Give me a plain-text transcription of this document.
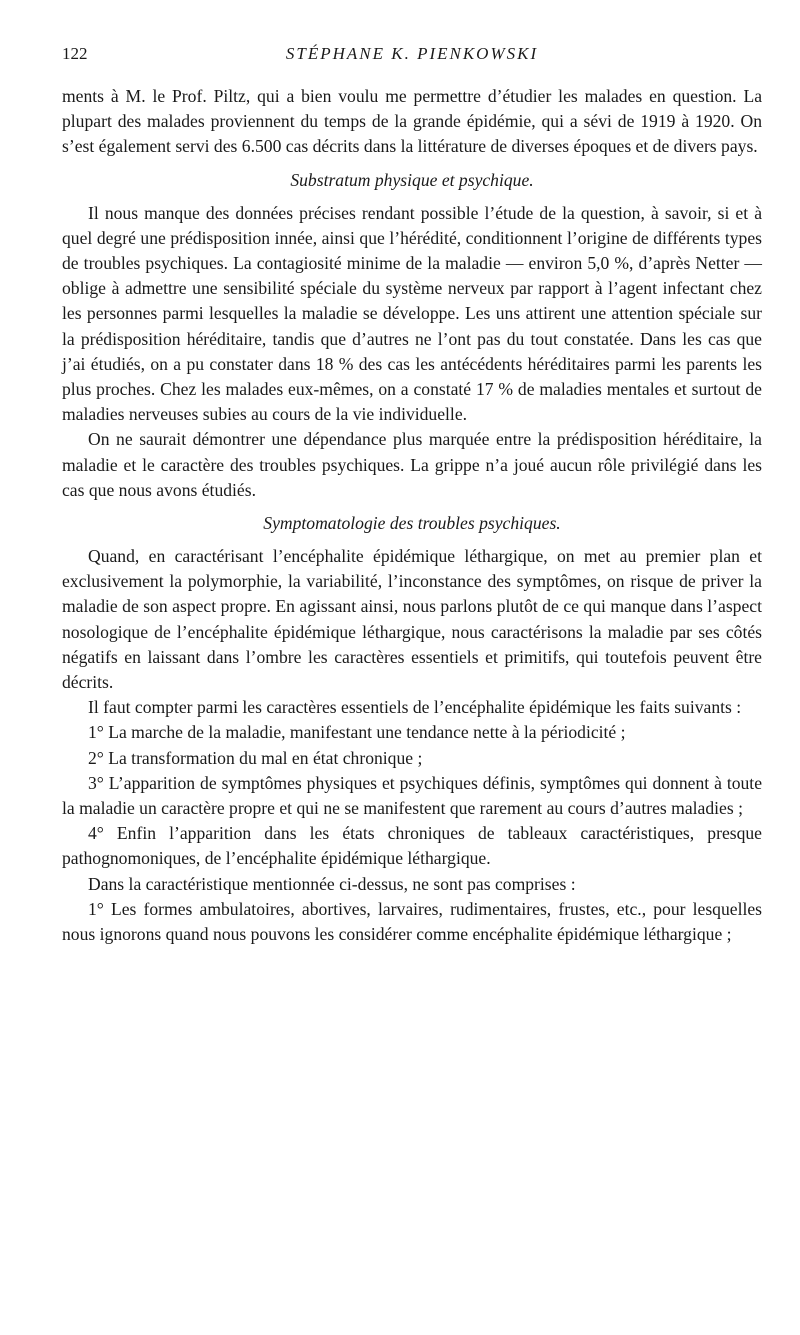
122	STÉPHANE K. PIENKOWSKI

ments à M. le Prof. Piltz, qui a bien voulu me permettre d’étudier les malades en question. La plupart des malades proviennent du temps de la grande épidémie, qui a sévi de 1919 à 1920. On s’est également servi des 6.500 cas décrits dans la littérature de diverses époques et de divers pays.

Substratum physique et psychique.

Il nous manque des données précises rendant possible l’étude de la question, à savoir, si et à quel degré une prédisposition innée, ainsi que l’hérédité, conditionnent l’origine de différents types de troubles psychiques. La contagiosité minime de la maladie — environ 5,0 %, d’après Netter — oblige à admettre une sensibilité spéciale du système nerveux par rapport à l’agent infectant chez les personnes parmi lesquelles la maladie se développe. Les uns attirent une attention spéciale sur la prédisposition héréditaire, tandis que d’autres ne l’ont pas du tout constatée. Dans les cas que j’ai étudiés, on a pu constater dans 18 % des cas les antécédents héréditaires parmi les parents les plus proches. Chez les malades eux-mêmes, on a constaté 17 % de maladies mentales et surtout de maladies nerveuses subies au cours de la vie individuelle.

On ne saurait démontrer une dépendance plus marquée entre la prédisposition héréditaire, la maladie et le caractère des troubles psychiques. La grippe n’a joué aucun rôle privilégié dans les cas que nous avons étudiés.

Symptomatologie des troubles psychiques.

Quand, en caractérisant l’encéphalite épidémique léthargique, on met au premier plan et exclusivement la polymorphie, la variabilité, l’inconstance des symptômes, on risque de priver la maladie de son aspect propre. En agissant ainsi, nous parlons plutôt de ce qui manque dans l’aspect nosologique de l’encéphalite épidémique léthargique, nous caractérisons la maladie par ses côtés négatifs en laissant dans l’ombre les caractères essentiels et primitifs, qui toutefois peuvent être décrits.

Il faut compter parmi les caractères essentiels de l’encéphalite épidémique les faits suivants :

1° La marche de la maladie, manifestant une tendance nette à la périodicité ;

2° La transformation du mal en état chronique ;

3° L’apparition de symptômes physiques et psychiques définis, symptômes qui donnent à toute la maladie un caractère propre et qui ne se manifestent que rarement au cours d’autres maladies ;

4° Enfin l’apparition dans les états chroniques de tableaux caractéristiques, presque pathognomoniques, de l’encéphalite épidémique léthargique.

Dans la caractéristique mentionnée ci-dessus, ne sont pas comprises :

1° Les formes ambulatoires, abortives, larvaires, rudimentaires, frustes, etc., pour lesquelles nous ignorons quand nous pouvons les considérer comme encéphalite épidémique léthargique ;
